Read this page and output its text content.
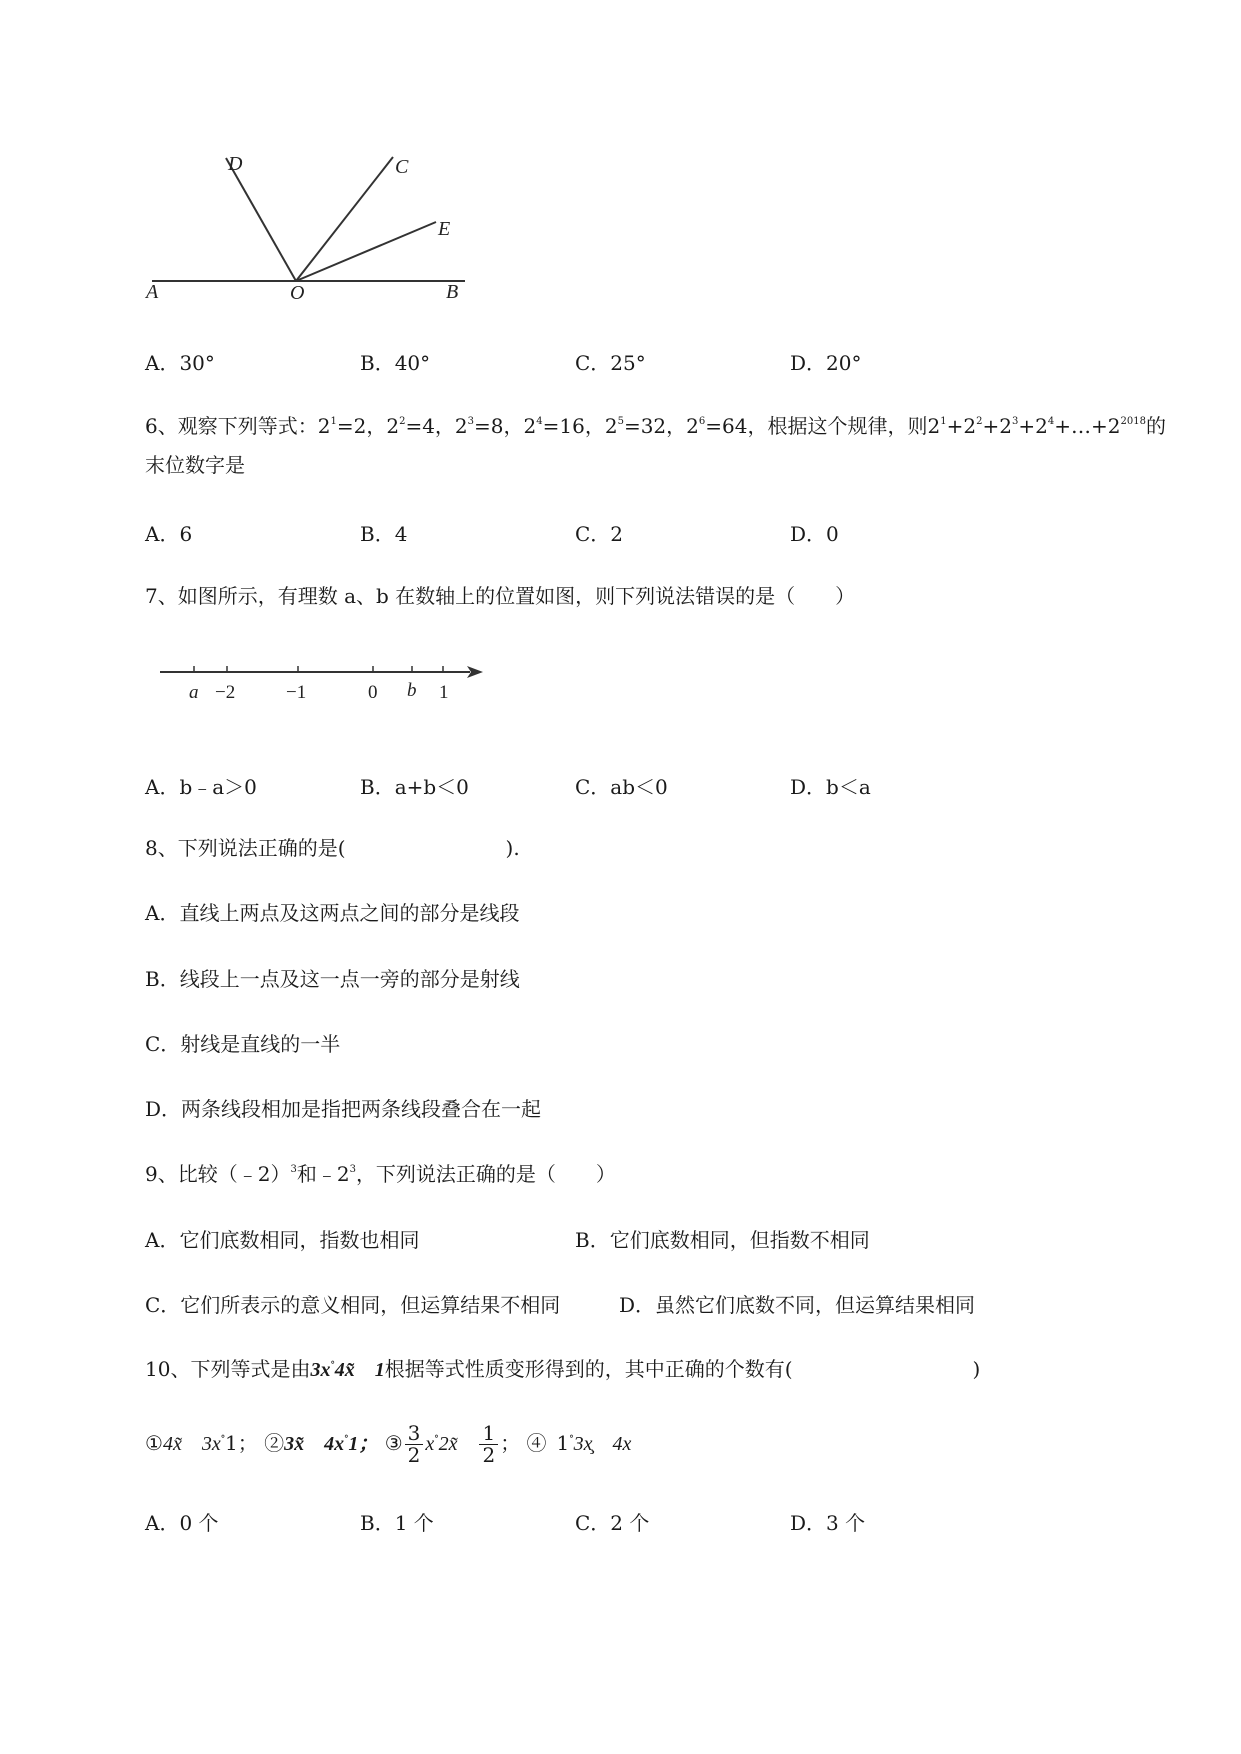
D	C
E
A	O	B
A．30°	B．40°	C．25°	D．20°
6、观察下列等式：$2^1=2$，$2^2=4$，$2^3=8$，$2^4=16$，$2^5=32$，$2^6=64$，根据这个规律，则$2^1+2^2+2^3+2^4+\dots+2^{2018}$的
末位数字是
A．6	B．4	C．2	D．0
7、如图所示，有理数 a、b 在数轴上的位置如图，则下列说法错误的是（　　）
a −2	−1	0 b 1
A．b﹣a＞0	B．a+b＜0	C．ab＜0	D．b＜a
8、下列说法正确的是(　　　　　　　　).
A．直线上两点及这两点之间的部分是线段
B．线段上一点及这一点一旁的部分是射线
C．射线是直线的一半
D．两条线段相加是指把两条线段叠合在一起
9、比较（﹣2）$^3$和$﹣2^3$，下列说法正确的是（　　）
A．它们底数相同，指数也相同	B．它们底数相同，但指数不相同
C．它们所表示的意义相同，但运算结果不相同	D．虽然它们底数不同，但运算结果相同
10、下列等式是由$3x^ᐤ4x̃$　1根据等式性质变形得到的，其中正确的个数有(　　　　　　　　　)
①4x̃　$3x^ᐤ1$； ②3x̃　$4x^ᐤ1$； ③ $\frac{3}{2}$ $x^ᐤ2x̃$  $\frac{1}{2}$ ； ④  $1^ᐤ3x̧$　4x
A．0 个	B．1 个	C．2 个	D．3 个
